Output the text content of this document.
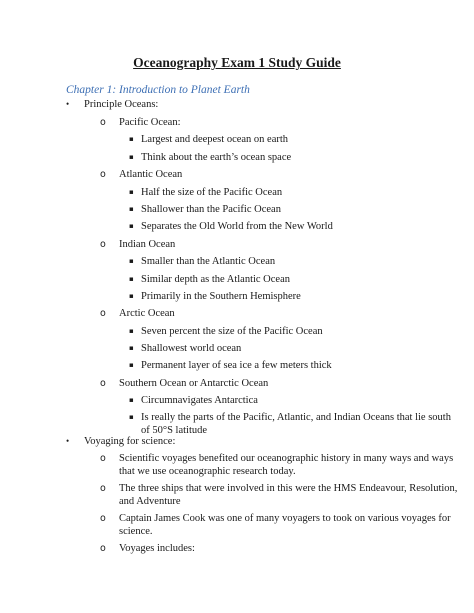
Oceanography Exam 1 Study Guide
Chapter 1: Introduction to Planet Earth
• Principle Oceans:
o Pacific Ocean:
▪ Largest and deepest ocean on earth
▪ Think about the earth’s ocean space
o Atlantic Ocean
▪ Half the size of the Pacific Ocean
▪ Shallower than the Pacific Ocean
▪ Separates the Old World from the New World
o Indian Ocean
▪ Smaller than the Atlantic Ocean
▪ Similar depth as the Atlantic Ocean
▪ Primarily in the Southern Hemisphere
o Arctic Ocean
▪ Seven percent the size of the Pacific Ocean
▪ Shallowest world ocean
▪ Permanent layer of sea ice a few meters thick
o Southern Ocean or Antarctic Ocean
▪ Circumnavigates Antarctica
▪ Is really the parts of the Pacific, Atlantic, and Indian Oceans that lie south
of 50°S latitude
• Voyaging for science:
o Scientific voyages benefited our oceanographic history in many ways and ways
that we use oceanographic research today.
o The three ships that were involved in this were the HMS Endeavour, Resolution,
and Adventure
o Captain James Cook was one of many voyagers to took on various voyages for
science.
o Voyages includes:
